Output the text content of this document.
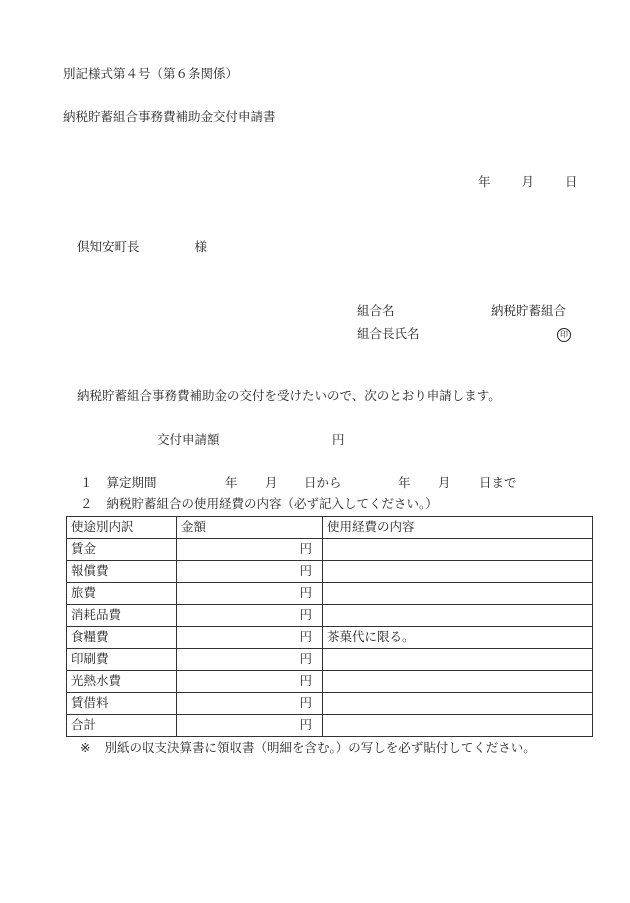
別記様式第４号（第６条関係）
納税貯蓄組合事務費補助金交付申請書
年 月 日
倶知安町長	様
組合名	納税貯蓄組合
組合長氏名	印
納税貯蓄組合事務費補助金の交付を受けたいので、次のとおり申請します。
交付申請額	円
１ 算定期間	年 月 日から	年 月 日まで
２ 納税貯蓄組合の使用経費の内容（必ず記入してください。）
使途別内訳	金額	使用経費の内容
賃金	円	
報償費	円	
旅費	円	
消耗品費	円	
食糧費	円	茶菓代に限る。
印刷費	円	
光熱水費	円	
賃借料	円	
合計	円	
※ 別紙の収支決算書に領収書（明細を含む。）の写しを必ず貼付してください。
